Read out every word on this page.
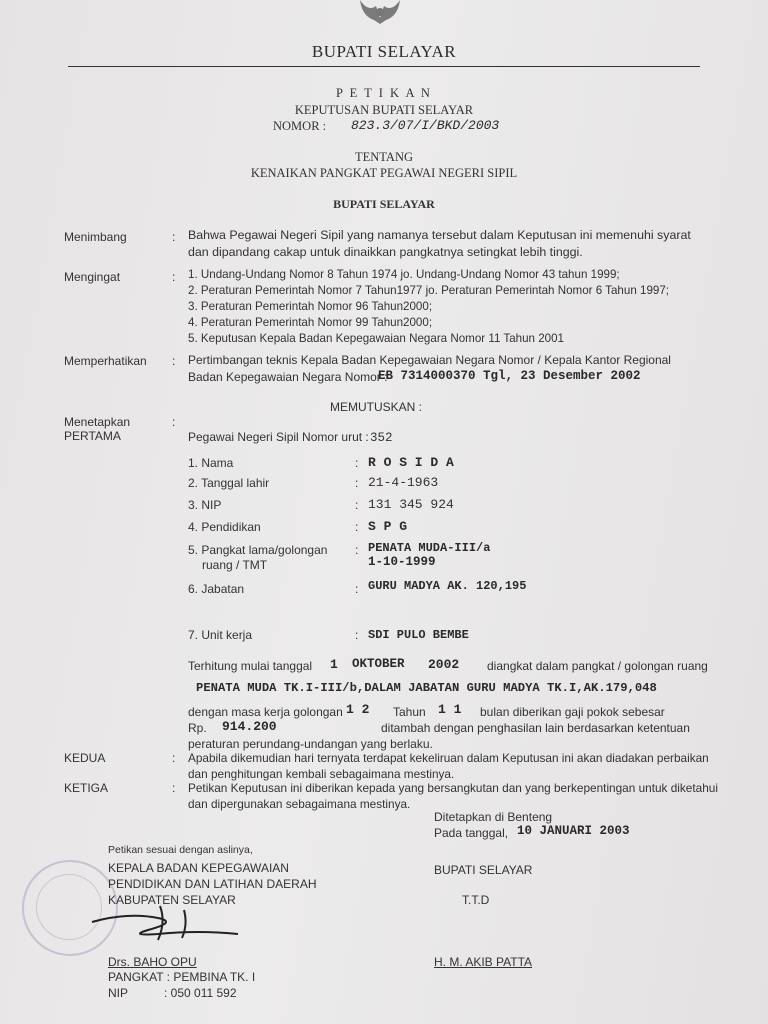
BUPATI SELAYAR
P E T I K A N
KEPUTUSAN BUPATI SELAYAR
NOMOR : 823.3/07/I/BKD/2003
TENTANG
KENAIKAN PANGKAT PEGAWAI NEGERI SIPIL
BUPATI SELAYAR
Menimbang	: Bahwa Pegawai Negeri Sipil yang namanya tersebut dalam Keputusan ini memenuhi syarat
dan dipandang cakap untuk dinaikkan pangkatnya setingkat lebih tinggi.
Mengingat	: 1. Undang-Undang Nomor 8 Tahun 1974 jo. Undang-Undang Nomor 43 tahun 1999;
2. Peraturan Pemerintah Nomor 7 Tahun1977 jo. Peraturan Pemerintah Nomor 6 Tahun 1997;
3. Peraturan Pemerintah Nomor 96 Tahun2000;
4. Peraturan Pemerintah Nomor 99 Tahun2000;
5. Keputusan Kepala Badan Kepegawaian Negara Nomor 11 Tahun 2001
Memperhatikan : Pertimbangan teknis Kepala Badan Kepegawaian Negara Nomor / Kepala Kantor Regional
Badan Kepegawaian Negara Nomor :
EB 7314000370 Tgl, 23 Desember 2002
MEMUTUSKAN :
Menetapkan	:
PERTAMA	Pegawai Negeri Sipil Nomor urut : 352
1. Nama	: R O S I D A
2. Tanggal lahir	: 21-4-1963
3. NIP	: 131 345 924
4. Pendidikan	: S P G
5. Pangkat lama/golongan
ruang / TMT
: PENATA MUDA-III/a
1-10-1999
6. Jabatan	: GURU MADYA AK. 120,195
7. Unit kerja	: SDI PULO BEMBE
Terhitung mulai tanggal 1 OKTOBER 2002 diangkat dalam pangkat / golongan ruang
PENATA MUDA TK.I-III/b,DALAM JABATAN GURU MADYA TK.I,AK.179,048
dengan masa kerja golongan 1 2 Tahun 1 1 bulan diberikan gaji pokok sebesar
Rp. 914.200	ditambah dengan penghasilan lain berdasarkan ketentuan
peraturan perundang-undangan yang berlaku.
KEDUA	: Apabila dikemudian hari ternyata terdapat kekeliruan dalam Keputusan ini akan diadakan perbaikan
dan penghitungan kembali sebagaimana mestinya.
KETIGA	: Petikan Keputusan ini diberikan kepada yang bersangkutan dan yang berkepentingan untuk diketahui
dan dipergunakan sebagaimana mestinya.
Ditetapkan di Benteng
Pada tanggal, 10 JANUARI 2003
Petikan sesuai dengan aslinya,
KEPALA BADAN KEPEGAWAIAN
PENDIDIKAN DAN LATIHAN DAERAH
KABUPATEN SELAYAR
Drs. BAHO OPU
PANGKAT : PEMBINA TK. I
NIP	: 050 011 592
BUPATI SELAYAR
T.T.D
H. M. AKIB PATTA
